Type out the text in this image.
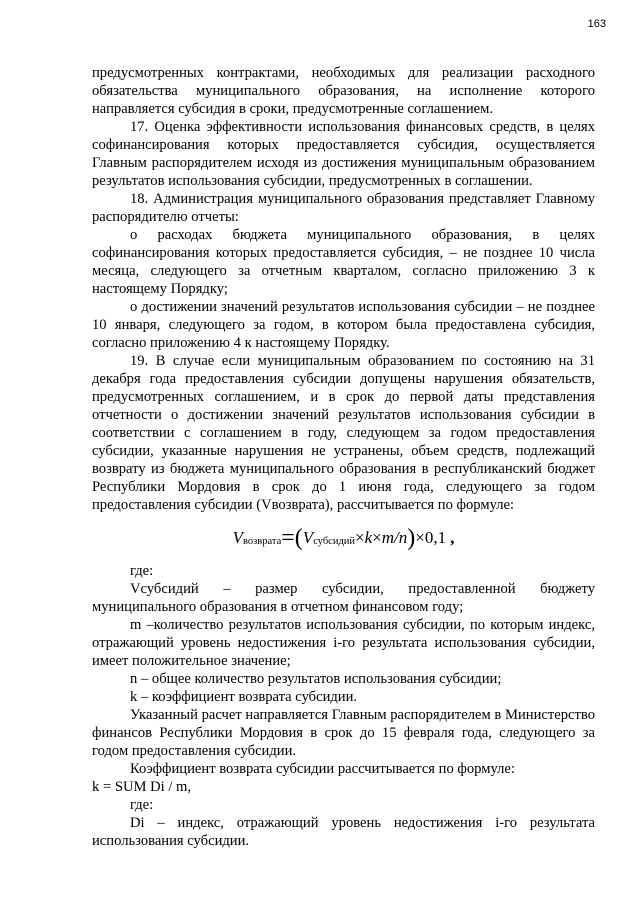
163

предусмотренных контрактами, необходимых для реализации расходного обязательства муниципального образования, на исполнение которого направляется субсидия в сроки, предусмотренные соглашением.

17. Оценка эффективности использования финансовых средств, в целях софинансирования которых предоставляется субсидия, осуществляется Главным распорядителем исходя из достижения муниципальным образованием результатов использования субсидии, предусмотренных в соглашении.

18. Администрация муниципального образования представляет Главному распорядителю отчеты:

о расходах бюджета муниципального образования, в целях софинансирования которых предоставляется субсидия, – не позднее 10 числа месяца, следующего за отчетным кварталом, согласно приложению 3 к настоящему Порядку;

о достижении значений результатов использования субсидии – не позднее 10 января, следующего за годом, в котором была предоставлена субсидия, согласно приложению 4 к настоящему Порядку.

19. В случае если муниципальным образованием по состоянию на 31 декабря года предоставления субсидии допущены нарушения обязательств, предусмотренных соглашением, и в срок до первой даты представления отчетности о достижении значений результатов использования субсидии в соответствии с соглашением в году, следующем за годом предоставления субсидии, указанные нарушения не устранены, объем средств, подлежащий возврату из бюджета муниципального образования в республиканский бюджет Республики Мордовия в срок до 1 июня года, следующего за годом предоставления субсидии (Vвозврата), рассчитывается по формуле:

V возврата =( V субсидий × k × m / n ) ×0,1 ,

где:

Vсубсидий – размер субсидии, предоставленной бюджету муниципального образования в отчетном финансовом году;

m –количество результатов использования субсидии, по которым индекс, отражающий уровень недостижения i-го результата использования субсидии, имеет положительное значение;

n – общее количество результатов использования субсидии;

k – коэффициент возврата субсидии.

Указанный расчет направляется Главным распорядителем в Министерство финансов Республики Мордовия в срок до 15 февраля года, следующего за годом предоставления субсидии.

Коэффициент возврата субсидии рассчитывается по формуле:

k = SUM Di / m,

где:

Di – индекс, отражающий уровень недостижения i-го результата использования субсидии.
